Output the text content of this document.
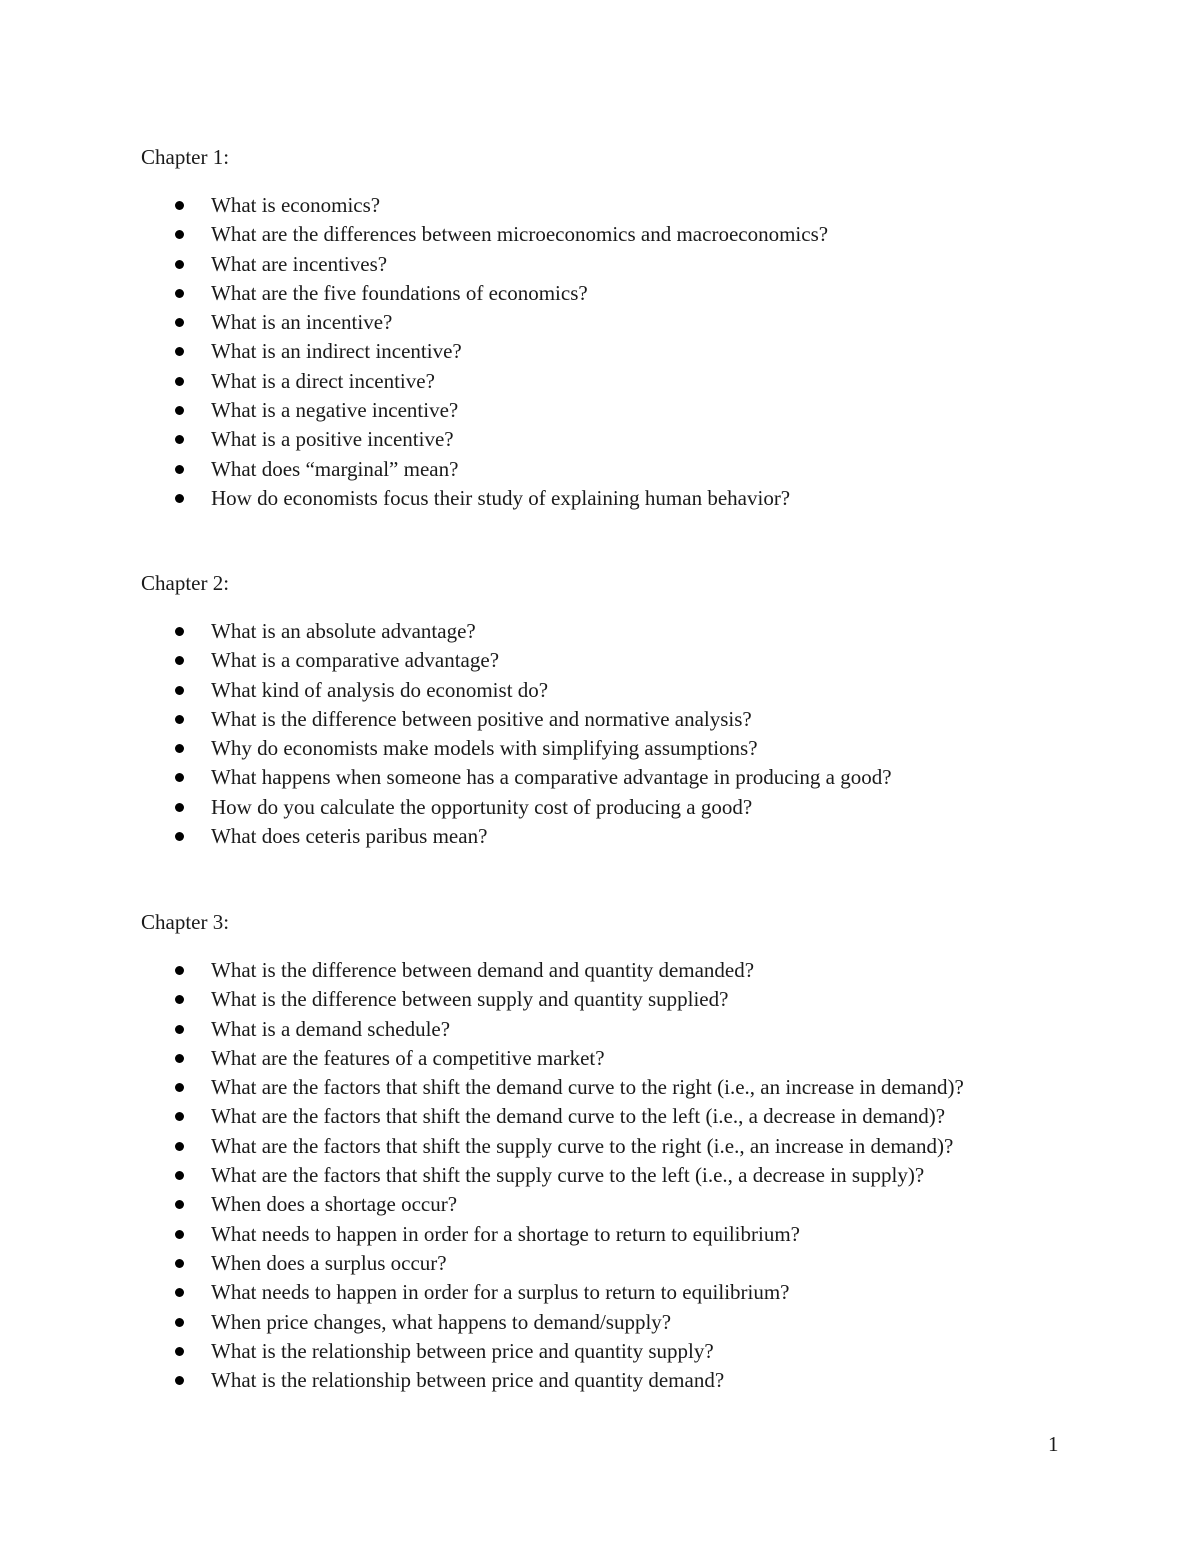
Chapter 1:
What is economics?
What are the differences between microeconomics and macroeconomics?
What are incentives?
What are the five foundations of economics?
What is an incentive?
What is an indirect incentive?
What is a direct incentive?
What is a negative incentive?
What is a positive incentive?
What does “marginal” mean?
How do economists focus their study of explaining human behavior?
Chapter 2:
What is an absolute advantage?
What is a comparative advantage?
What kind of analysis do economist do?
What is the difference between positive and normative analysis?
Why do economists make models with simplifying assumptions?
What happens when someone has a comparative advantage in producing a good?
How do you calculate the opportunity cost of producing a good?
What does ceteris paribus mean?
Chapter 3:
What is the difference between demand and quantity demanded?
What is the difference between supply and quantity supplied?
What is a demand schedule?
What are the features of a competitive market?
What are the factors that shift the demand curve to the right (i.e., an increase in demand)?
What are the factors that shift the demand curve to the left (i.e., a decrease in demand)?
What are the factors that shift the supply curve to the right (i.e., an increase in demand)?
What are the factors that shift the supply curve to the left (i.e., a decrease in supply)?
When does a shortage occur?
What needs to happen in order for a shortage to return to equilibrium?
When does a surplus occur?
What needs to happen in order for a surplus to return to equilibrium?
When price changes, what happens to demand/supply?
What is the relationship between price and quantity supply?
What is the relationship between price and quantity demand?
1
